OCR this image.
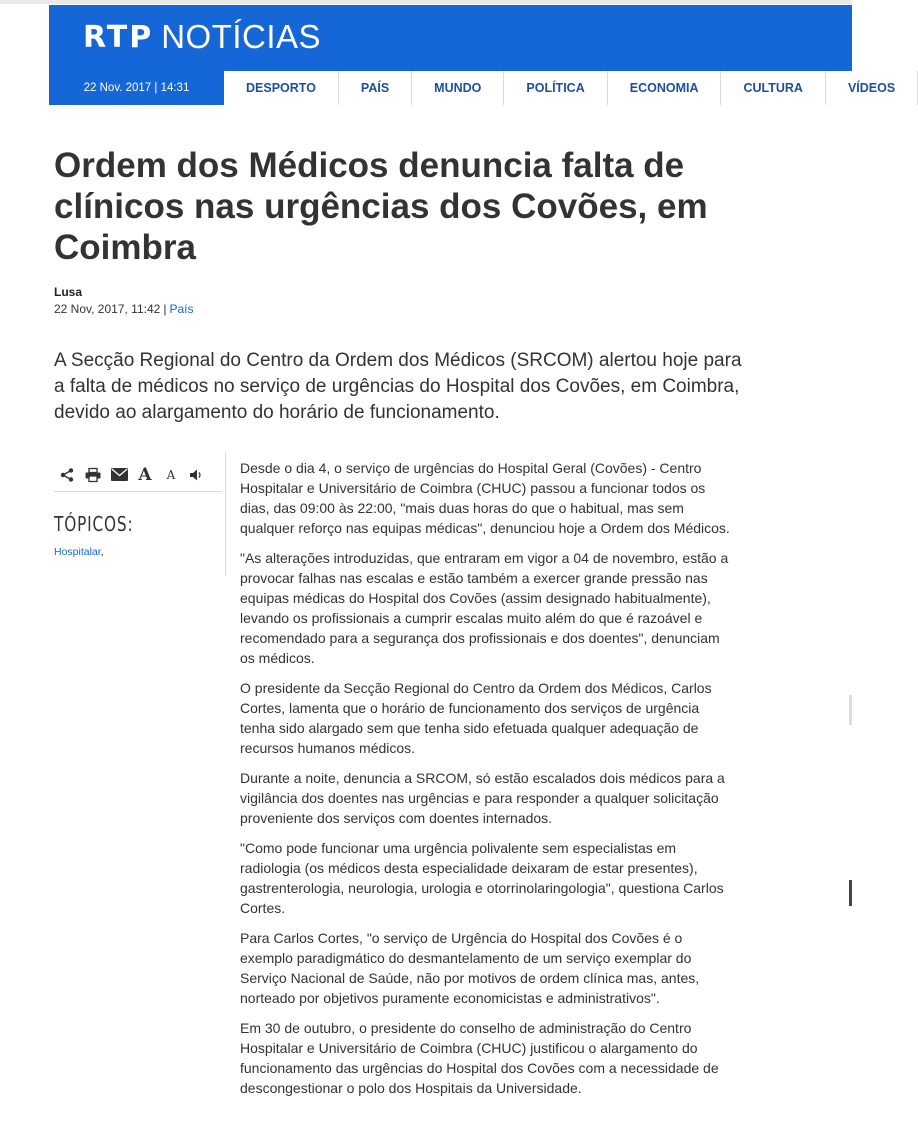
RTP NOTÍCIAS
22 Nov. 2017 | 14:31	DESPORTO	PAÍS	MUNDO	POLÍTICA	ECONOMIA	CULTURA	VÍDEOS
Ordem dos Médicos denuncia falta de clínicos nas urgências dos Covões, em Coimbra
Lusa
22 Nov, 2017, 11:42 | País

A Secção Regional do Centro da Ordem dos Médicos (SRCOM) alertou hoje para a falta de médicos no serviço de urgências do Hospital dos Covões, em Coimbra, devido ao alargamento do horário de funcionamento.

A	A
TÓPICOS:
Hospitalar,

Desde o dia 4, o serviço de urgências do Hospital Geral (Covões) - Centro Hospitalar e Universitário de Coimbra (CHUC) passou a funcionar todos os dias, das 09:00 às 22:00, "mais duas horas do que o habitual, mas sem qualquer reforço nas equipas médicas", denunciou hoje a Ordem dos Médicos.

"As alterações introduzidas, que entraram em vigor a 04 de novembro, estão a provocar falhas nas escalas e estão também a exercer grande pressão nas equipas médicas do Hospital dos Covões (assim designado habitualmente), levando os profissionais a cumprir escalas muito além do que é razoável e recomendado para a segurança dos profissionais e dos doentes", denunciam os médicos.

O presidente da Secção Regional do Centro da Ordem dos Médicos, Carlos Cortes, lamenta que o horário de funcionamento dos serviços de urgência tenha sido alargado sem que tenha sido efetuada qualquer adequação de recursos humanos médicos.

Durante a noite, denuncia a SRCOM, só estão escalados dois médicos para a vigilância dos doentes nas urgências e para responder a qualquer solicitação proveniente dos serviços com doentes internados.

"Como pode funcionar uma urgência polivalente sem especialistas em radiologia (os médicos desta especialidade deixaram de estar presentes), gastrenterologia, neurologia, urologia e otorrinolaringologia", questiona Carlos Cortes.

Para Carlos Cortes, "o serviço de Urgência do Hospital dos Covões é o exemplo paradigmático do desmantelamento de um serviço exemplar do Serviço Nacional de Saúde, não por motivos de ordem clínica mas, antes, norteado por objetivos puramente economicistas e administrativos".

Em 30 de outubro, o presidente do conselho de administração do Centro Hospitalar e Universitário de Coimbra (CHUC) justificou o alargamento do funcionamento das urgências do Hospital dos Covões com a necessidade de descongestionar o polo dos Hospitais da Universidade.
